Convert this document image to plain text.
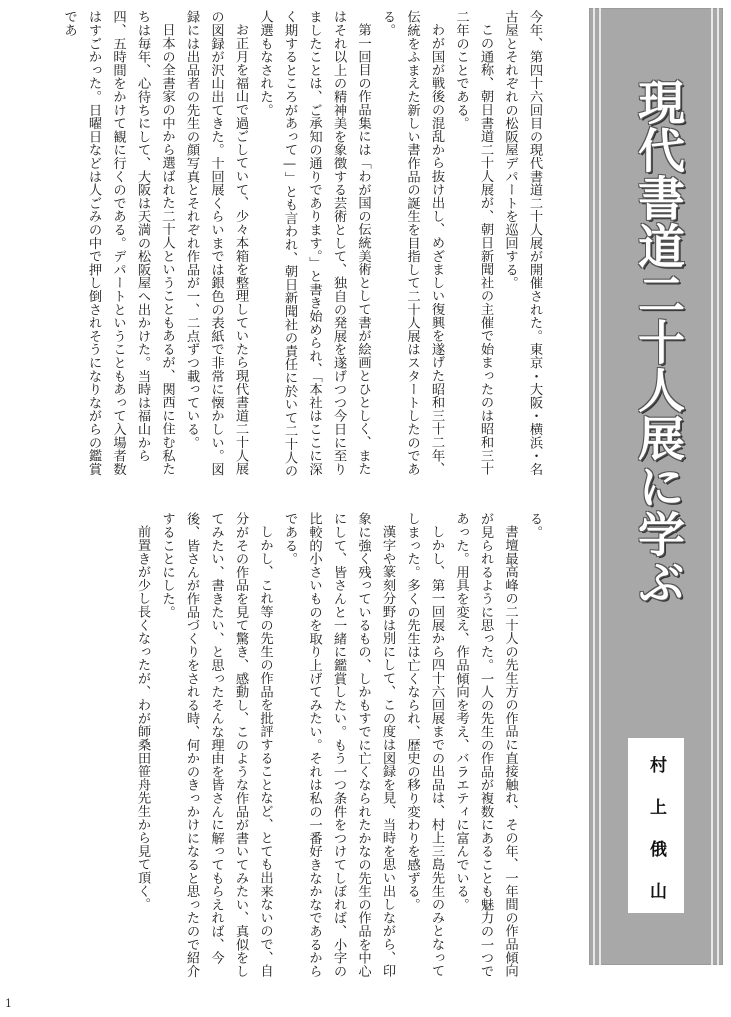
今年、第四十六回目の現代書道二十人展が開催された。東京・大阪・横浜・名古屋とそれぞれの松阪屋デパートを巡回する。

この通称、朝日書道二十人展が、朝日新聞社の主催で始まったのは昭和三十二年のことである。

わが国が戦後の混乱から抜け出し、めざましい復興を遂げた昭和三十二年、伝統をふまえた新しい書作品の誕生を目指して二十人展はスタートしたのである。

第一回目の作品集には「わが国の伝統美術として書が絵画とひとしく、またはそれ以上の精神美を象徴する芸術として、独自の発展を遂げつつ今日に至りましたことは、ご承知の通りであります。」と書き始められ、「本社はここに深く期するところがあって—」とも言われ、朝日新聞社の責任に於いて二十人の人選もなされた。

お正月を福山で過ごしていて、少々本箱を整理していたら現代書道二十人展の図録が沢山出てきた。十回展くらいまでは銀色の表紙で非常に懐かしい。図録には出品者の先生の顔写真とそれぞれ作品が一、二点ずつ載っている。

日本の全書家の中から選ばれた二十人ということもあるが、関西に住む私たちは毎年、心待ちにして、大阪は天満の松阪屋へ出かけた。当時は福山から四、五時間をかけて観に行くのである。デパートということもあって入場者数はすごかった。日曜日などは人ごみの中で押し倒されそうになりながらの鑑賞であ

る。

書壇最高峰の二十人の先生方の作品に直接触れ、その年、一年間の作品傾向が見られるように思った。一人の先生の作品が複数にあることも魅力の一つであった。用具を変え、作品傾向を考え、バラエティに富んでいる。

しかし、第一回展から四十六回展までの出品は、村上三島先生のみとなってしまった。多くの先生は亡くなられ、歴史の移り変わりを感ずる。

漢字や篆刻分野は別にして、この度は図録を見、当時を思い出しながら、印象に強く残っているもの、しかもすでに亡くなられたかなの先生の作品を中心にして、皆さんと一緒に鑑賞したい。もう一つ条件をつけてしぼれば、小字の比較的小さいものを取り上げてみたい。それは私の一番好きなかなであるからである。

しかし、これ等の先生の作品を批評することなど、とても出来ないので、自分がその作品を見て驚き、感動し、このような作品が書いてみたい、真似をしてみたい、書きたい、と思ったそんな理由を皆さんに解ってもらえれば、今後、皆さんが作品づくりをされる時、何かのきっかけになると思ったので紹介することにした。

前置きが少し長くなったが、わが師桑田笹舟先生から見て頂く。

現代書道二十人展に学ぶ
村上俄山
1
